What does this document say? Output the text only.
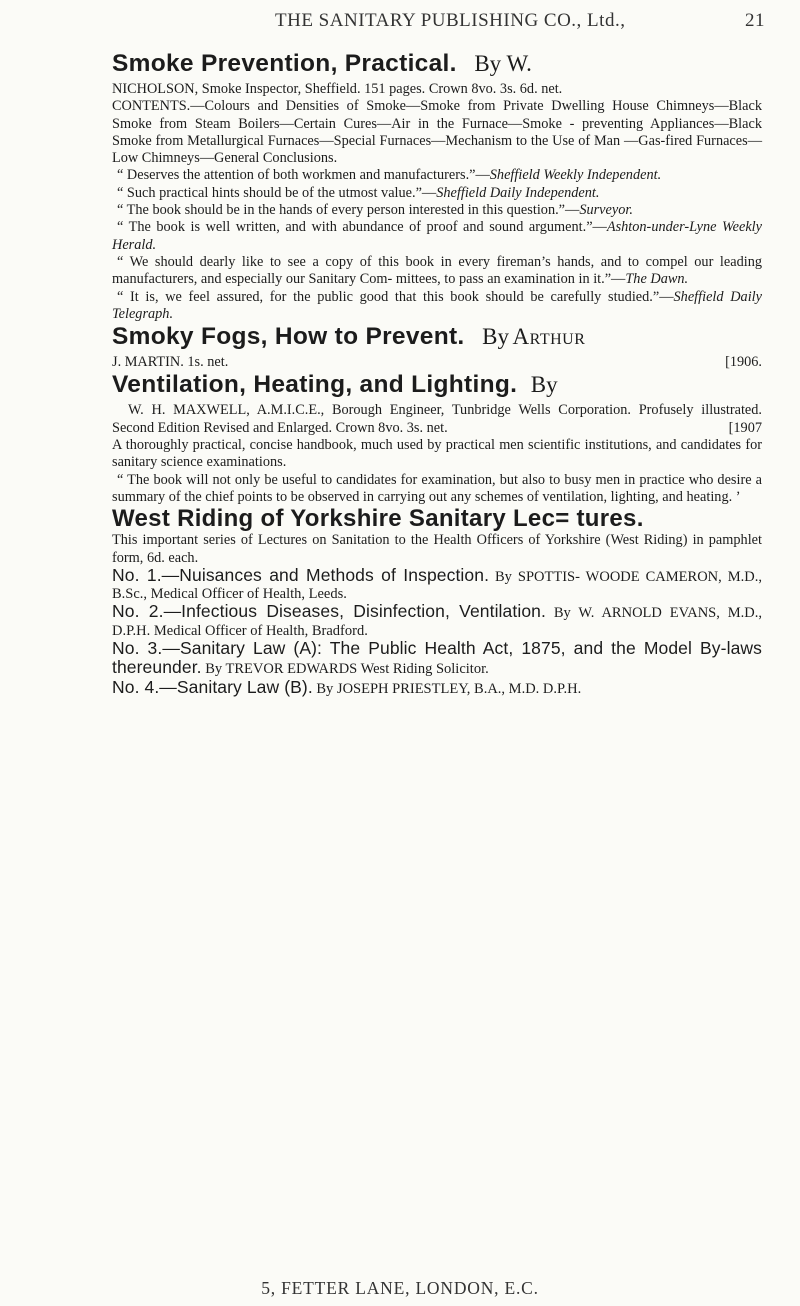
THE SANITARY PUBLISHING CO., Ltd.,	21

Smoke Prevention, Practical. By W.

NICHOLSON, Smoke Inspector, Sheffield. 151 pages. Crown 8vo. 3s. 6d. net.

CONTENTS.—Colours and Densities of Smoke—Smoke from Private Dwelling House Chimneys—Black Smoke from Steam Boilers—Certain Cures—Air in the Furnace—Smoke - preventing Appliances—Black Smoke from Metallurgical Furnaces—Special Furnaces—Mechanism to the Use of Man —Gas-fired Furnaces—Low Chimneys—General Conclusions.

“ Deserves the attention of both workmen and manufacturers.”—Sheffield Weekly Independent.

“ Such practical hints should be of the utmost value.”—Sheffield Daily Independent.

“ The book should be in the hands of every person interested in this question.”—Surveyor.

“ The book is well written, and with abundance of proof and sound argument.”—Ashton-under-Lyne Weekly Herald.

“ We should dearly like to see a copy of this book in every fireman’s hands, and to compel our leading manufacturers, and especially our Sanitary Com- mittees, to pass an examination in it.”—The Dawn.

“ It is, we feel assured, for the public good that this book should be carefully studied.”—Sheffield Daily Telegraph.

Smoky Fogs, How to Prevent. By Arthur

J. MARTIN. 1s. net.	[1906.

Ventilation, Heating, and Lighting. By

W. H. MAXWELL, A.M.I.C.E., Borough Engineer, Tunbridge Wells Corporation. Profusely illustrated. Second Edition Revised and Enlarged. Crown 8vo. 3s. net.	[1907

A thoroughly practical, concise handbook, much used by practical men scientific institutions, and candidates for sanitary science examinations.

“ The book will not only be useful to candidates for examination, but also to busy men in practice who desire a summary of the chief points to be observed in carrying out any schemes of ventilation, lighting, and heating. ’

West Riding of Yorkshire Sanitary Lec= tures.

This important series of Lectures on Sanitation to the Health Officers of Yorkshire (West Riding) in pamphlet form, 6d. each.

No. 1.—Nuisances and Methods of Inspection. By SPOTTIS- WOODE CAMERON, M.D., B.Sc., Medical Officer of Health, Leeds.

No. 2.—Infectious Diseases, Disinfection, Ventilation. By W. ARNOLD EVANS, M.D., D.P.H. Medical Officer of Health, Bradford.

No. 3.—Sanitary Law (A): The Public Health Act, 1875, and the Model By-laws thereunder. By TREVOR EDWARDS West Riding Solicitor.

No. 4.—Sanitary Law (B). By JOSEPH PRIESTLEY, B.A., M.D. D.P.H.

5, FETTER LANE, LONDON, E.C.
